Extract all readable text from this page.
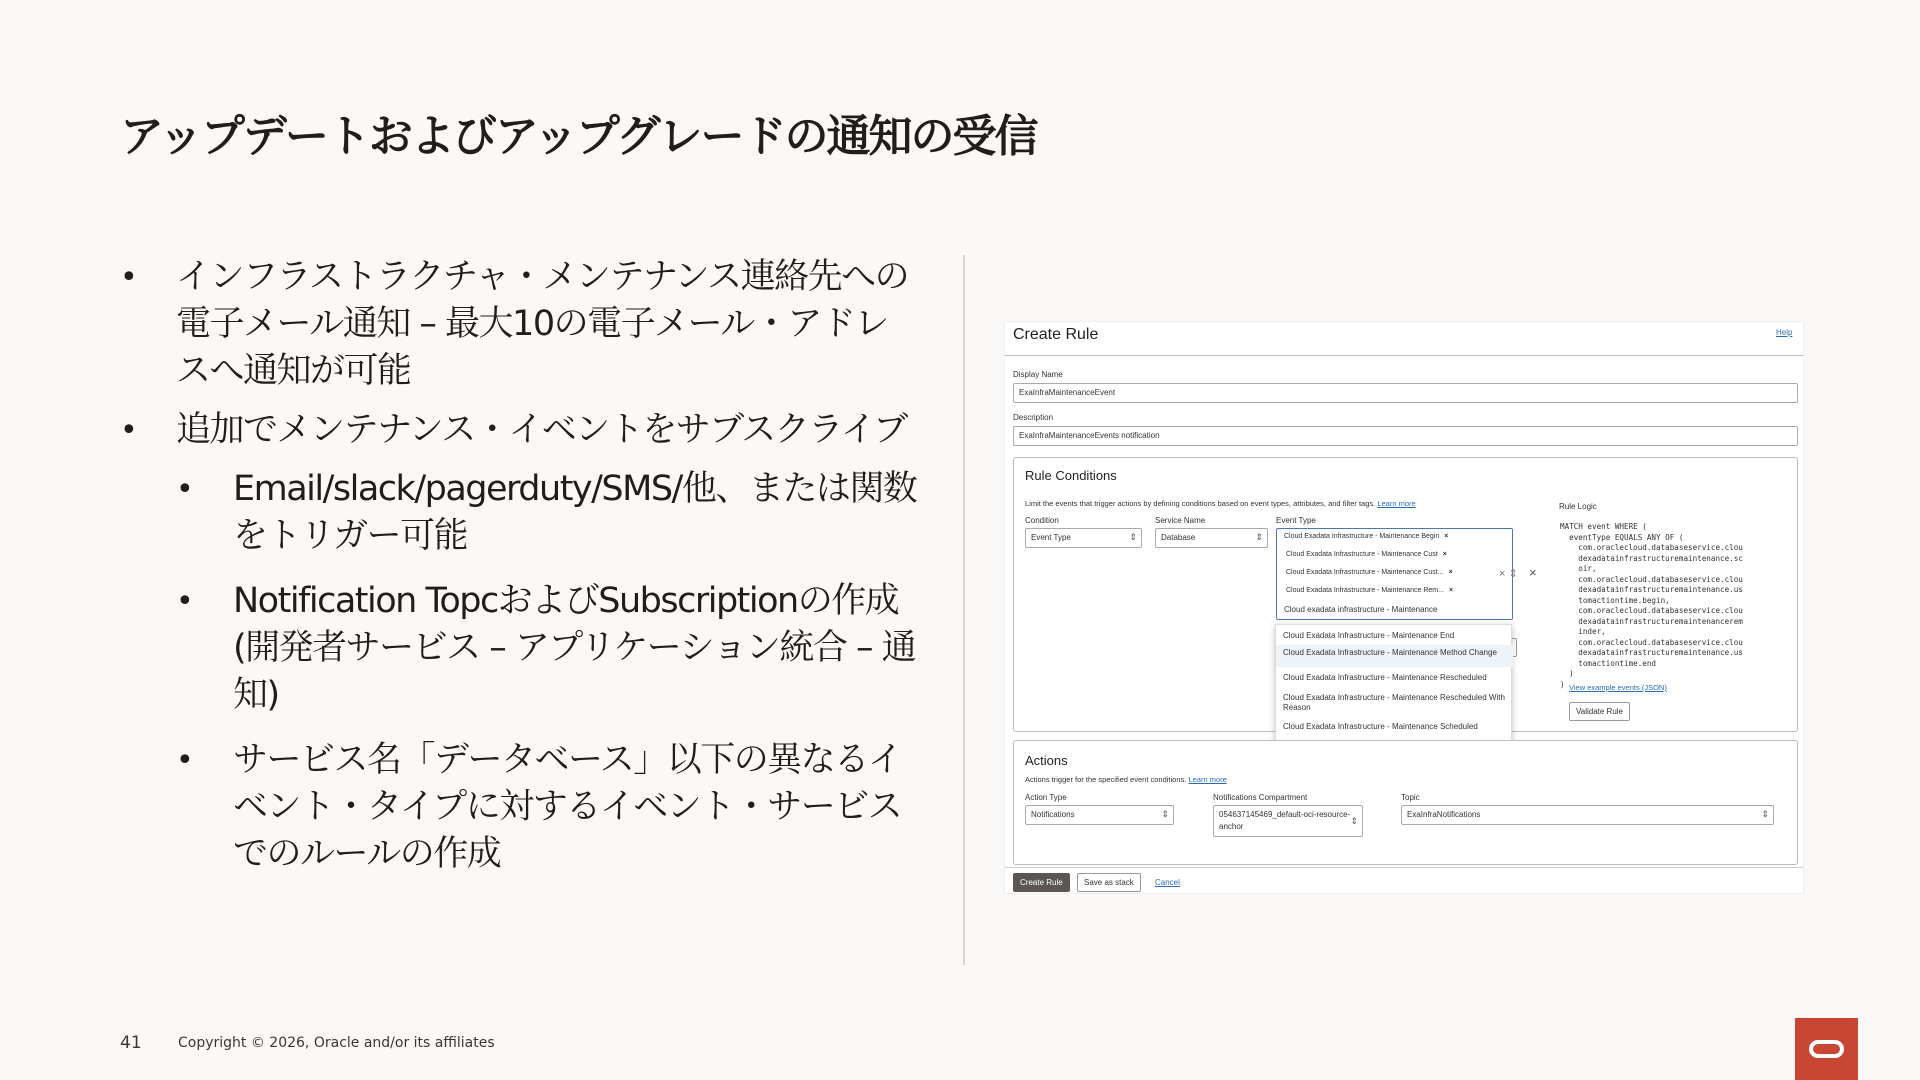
アップデートおよびアップグレードの通知の受信
• インフラストラクチャ・メンテナンス連絡先への電子メール通知 – 最大10の電子メール・アドレスへ通知が可能
• 追加でメンテナンス・イベントをサブスクライブ
• Email/slack/pagerduty/SMS/他、または関数をトリガー可能
• Notification TopcおよびSubscriptionの作成(開発者サービス – アプリケーション統合 – 通知)
• サービス名「データベース」以下の異なるイベント・タイプに対するイベント・サービスでのルールの作成
Create Rule	Help
Display Name
ExaInfraMaintenanceEvent
Description
ExaInfraMaintenanceEvents notification
Rule Conditions
Limit the events that trigger actions by defining conditions based on event types, attributes, and filter tags. Learn more
Condition
Event Type	⇕
Service Name
Database	⇕
Event Type
Cloud Exadata Infrastructure - Maintenance Begin ×
Cloud Exadata Infrastructure - Maintenance Cust ×
Cloud Exadata Infrastructure - Maintenance Cust... ×
Cloud Exadata Infrastructure - Maintenance Rem... ×
Cloud exadata infrastructure - Maintenance
× ⇕ ×
Rule Logic
View example events (JSON)
Validate Rule
MATCH event WHERE (
eventType EQUALS ANY OF (
com.oraclecloud.databaseservice.clou
dexadatainfrastructuremaintenance.sc
oir,
com.oraclecloud.databaseservice.clou
dexadatainfrastructuremaintenance.us
tomactiontime.begin,
com.oraclecloud.databaseservice.clou
dexadatainfrastructuremaintenancerem
inder,
com.oraclecloud.databaseservice.clou
dexadatainfrastructuremaintenance.us
tomactiontime.end
)
)
Cloud Exadata Infrastructure - Maintenance End
Cloud Exadata Infrastructure - Maintenance Method Change
Cloud Exadata Infrastructure - Maintenance Rescheduled
Cloud Exadata Infrastructure - Maintenance Rescheduled With Reason
Cloud Exadata Infrastructure - Maintenance Scheduled
Actions
Actions trigger for the specified event conditions. Learn more
Action Type
Notifications	⇕
Notifications Compartment
054637145469_default-oci-resource-
anchor
⇕
Topic
ExaInfraNotifications	⇕
Create Rule	Save as stack	Cancel
41	Copyright © 2026, Oracle and/or its affiliates
